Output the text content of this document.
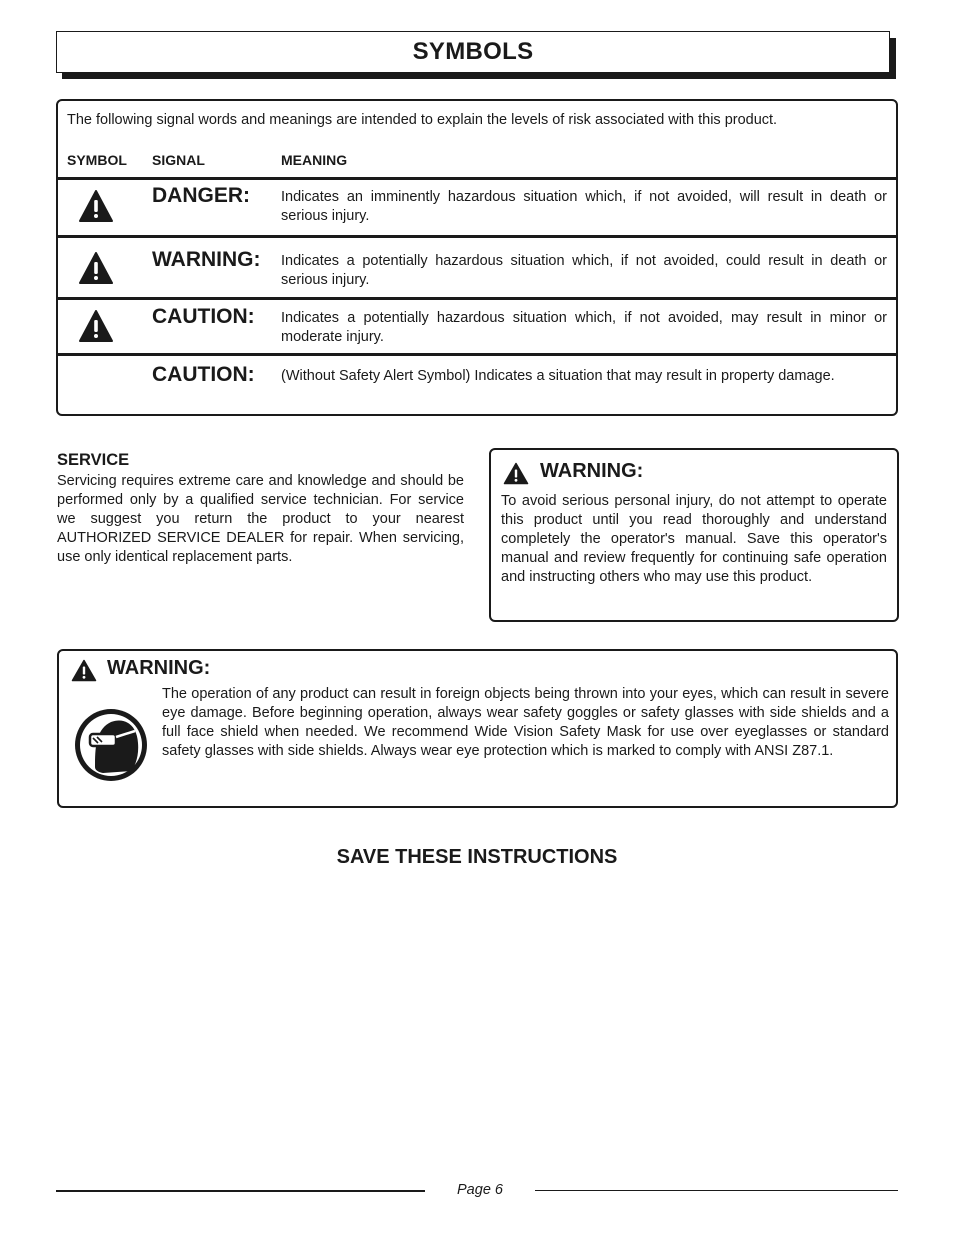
SYMBOLS
The following signal words and meanings are intended to explain the levels of risk associated with this product.
SYMBOL SIGNAL	MEANING
DANGER: Indicates an imminently hazardous situation which, if not avoided, will result in death or serious injury.
WARNING: Indicates a potentially hazardous situation which, if not avoided, could result in death or serious injury.
CAUTION: Indicates a potentially hazardous situation which, if not avoided, may result in minor or moderate injury.
CAUTION: (Without Safety Alert Symbol) Indicates a situation that may result in property damage.
SERVICE
Servicing requires extreme care and knowledge and should be performed only by a qualified service technician. For service we suggest you return the product to your nearest AUTHORIZED SERVICE DEALER for repair. When servicing, use only identical replacement parts.
WARNING:
To avoid serious personal injury, do not attempt to operate this product until you read thoroughly and understand completely the operator's manual. Save this operator's manual and review frequently for continuing safe operation and instructing others who may use this product.
WARNING:
The operation of any product can result in foreign objects being thrown into your eyes, which can result in severe eye damage. Before beginning operation, always wear safety goggles or safety glasses with side shields and a full face shield when needed. We recommend Wide Vision Safety Mask for use over eyeglasses or standard safety glasses with side shields. Always wear eye protection which is marked to comply with ANSI Z87.1.
SAVE THESE INSTRUCTIONS
Page 6
